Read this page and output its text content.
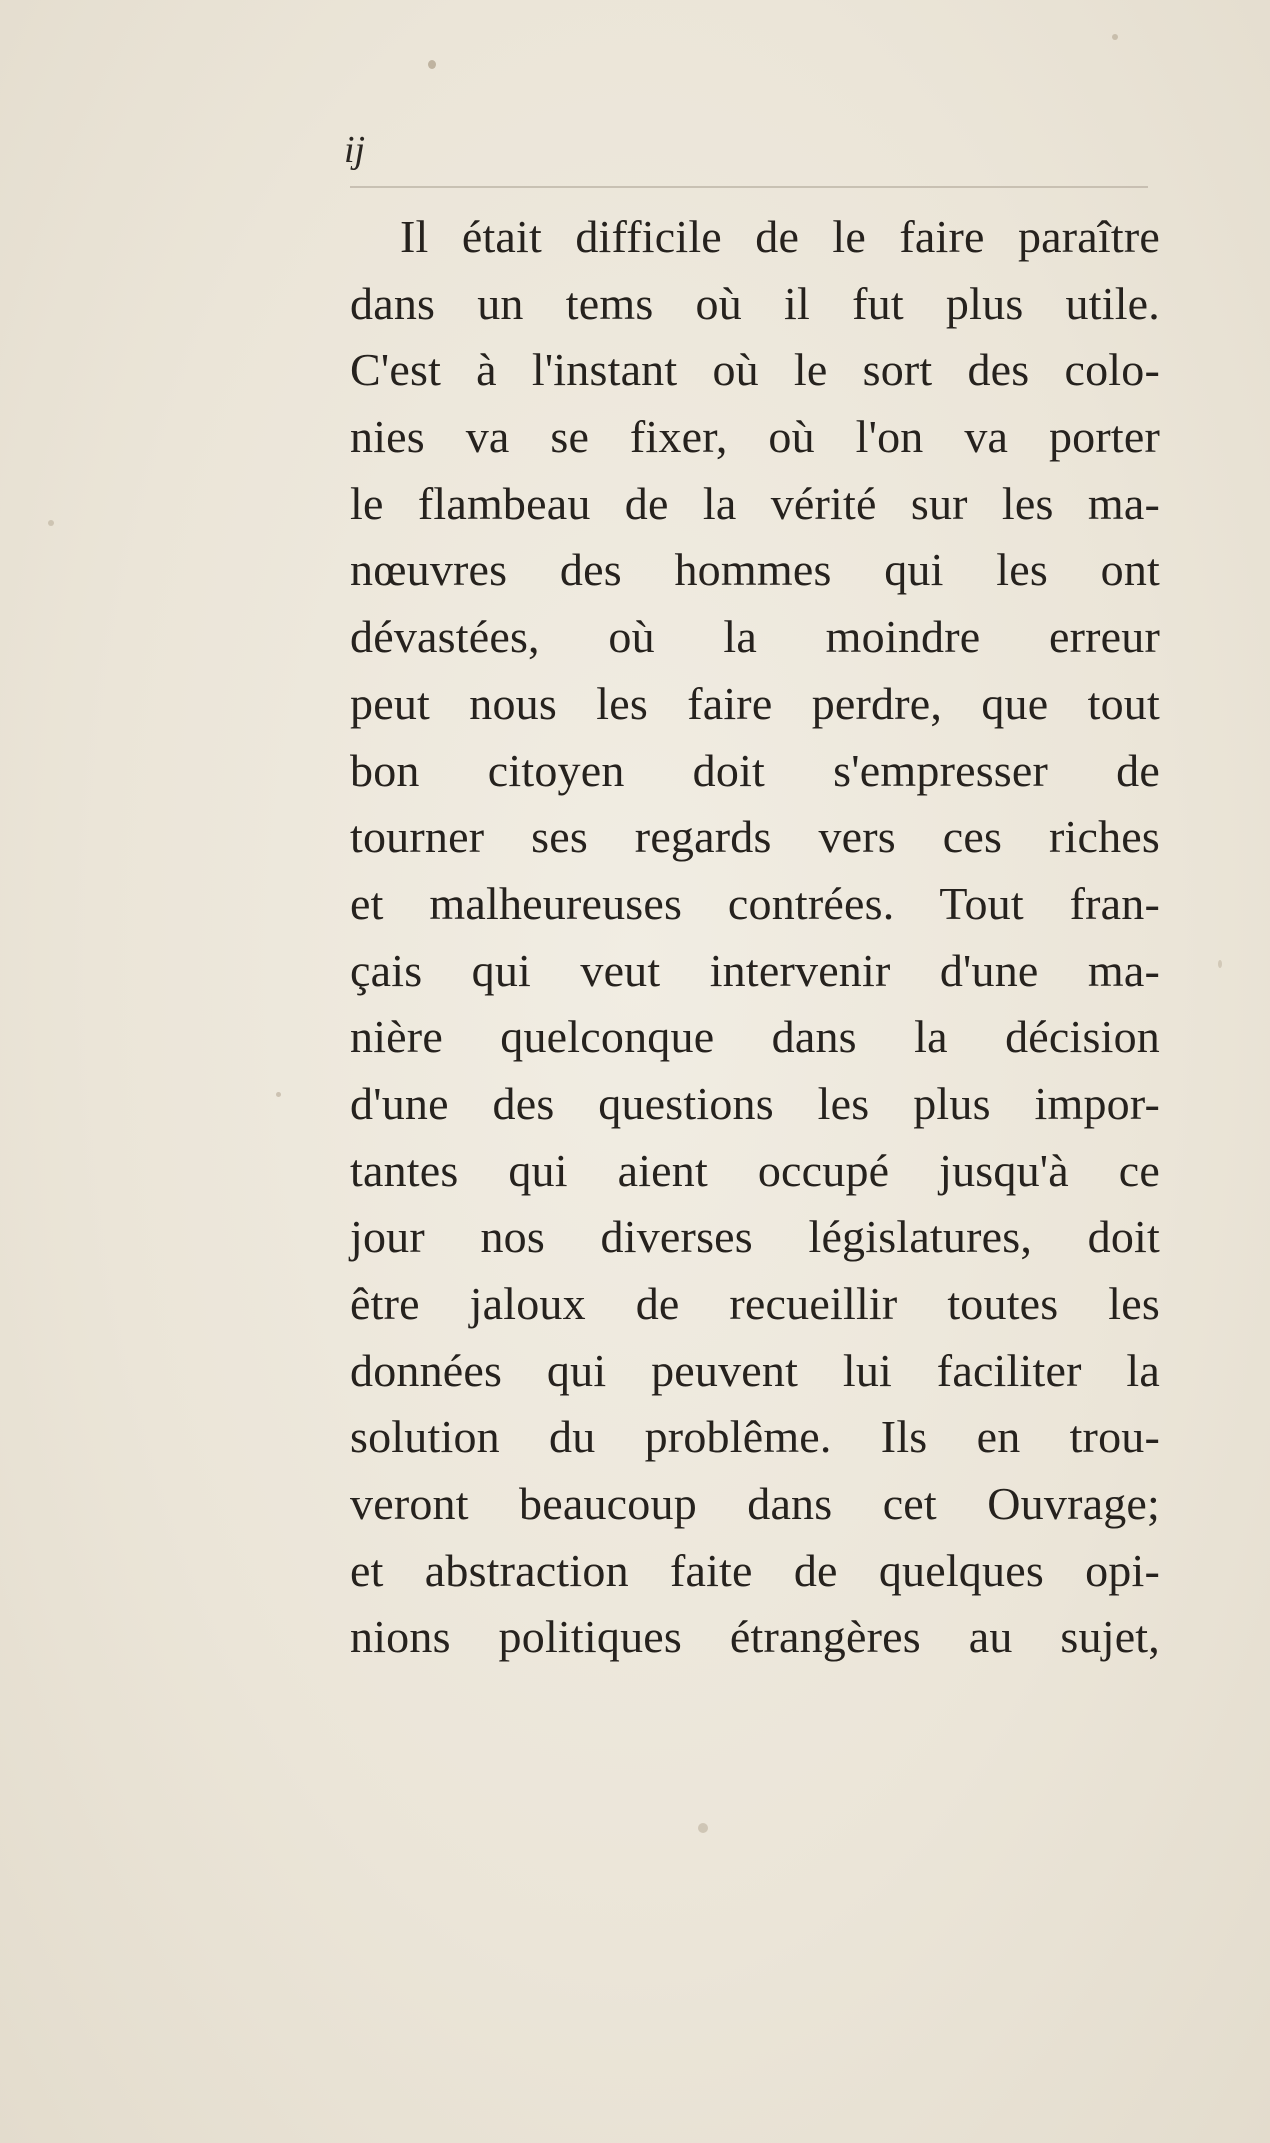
ij
Il était difficile de le faire paraître
dans un tems où il fut plus utile.
C'est à l'instant où le sort des colo-
nies va se fixer, où l'on va porter
le flambeau de la vérité sur les ma-
nœuvres des hommes qui les ont
dévastées, où la moindre erreur
peut nous les faire perdre, que tout
bon citoyen doit s'empresser de
tourner ses regards vers ces riches
et malheureuses contrées. Tout fran-
çais qui veut intervenir d'une ma-
nière quelconque dans la décision
d'une des questions les plus impor-
tantes qui aient occupé jusqu'à ce
jour nos diverses législatures, doit
être jaloux de recueillir toutes les
données qui peuvent lui faciliter la
solution du problême. Ils en trou-
veront beaucoup dans cet Ouvrage;
et abstraction faite de quelques opi-
nions politiques étrangères au sujet,
